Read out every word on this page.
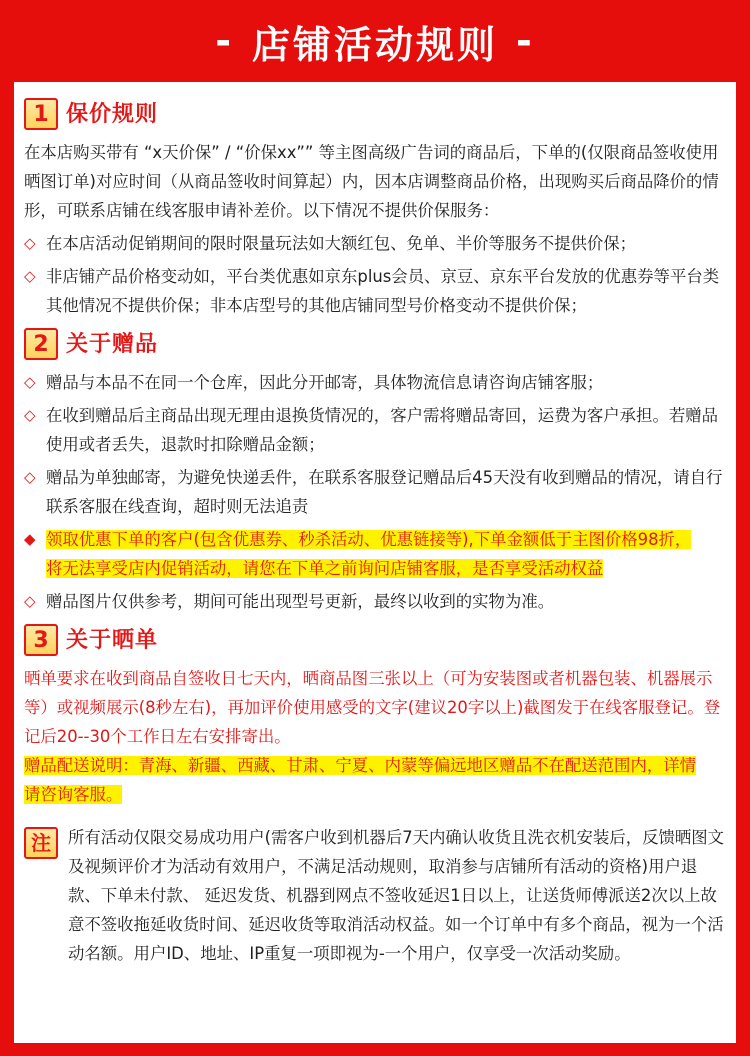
- 店铺活动规则 -
1 保价规则

在本店购买带有 “x天价保” / “价保xx”” 等主图高级广告词的商品后，下单的(仅限商品签收使用晒图订单)对应时间（从商品签收时间算起）内，因本店调整商品价格，出现购买后商品降价的情形，可联系店铺在线客服申请补差价。以下情况不提供价保服务：

◇ 在本店活动促销期间的限时限量玩法如大额红包、免单、半价等服务不提供价保；
◇ 非店铺产品价格变动如，平台类优惠如京东plus会员、京豆、京东平台发放的优惠券等平台类其他情况不提供价保；非本店型号的其他店铺同型号价格变动不提供价保；
2 关于赠品
◇ 赠品与本品不在同一个仓库，因此分开邮寄，具体物流信息请咨询店铺客服；
◇ 在收到赠品后主商品出现无理由退换货情况的，客户需将赠品寄回，运费为客户承担。若赠品使用或者丢失，退款时扣除赠品金额；
◇ 赠品为单独邮寄，为避免快递丢件，在联系客服登记赠品后45天没有收到赠品的情况，请自行联系客服在线查询，超时则无法追责
◆ 领取优惠下单的客户(包含优惠券、秒杀活动、优惠链接等),下单金额低于主图价格98折，
将无法享受店内促销活动，请您在下单之前询问店铺客服，是否享受活动权益
◇ 赠品图片仅供参考，期间可能出现型号更新，最终以收到的实物为准。
3 关于晒单

晒单要求在收到商品自签收日七天内，晒商品图三张以上（可为安装图或者机器包装、机器展示等）或视频展示(8秒左右)，再加评价使用感受的文字(建议20字以上)截图发于在线客服登记。登记后20--30个工作日左右安排寄出。

赠品配送说明：青海、新疆、西藏、甘肃、宁夏、内蒙等偏远地区赠品不在配送范围内，详情
请咨询客服。

注	所有活动仅限交易成功用户(需客户收到机器后7天内确认收货且洗衣机安装后，反馈晒图文及视频评价才为活动有效用户，不满足活动规则，取消参与店铺所有活动的资格)用户退款、下单未付款、 延迟发货、机器到网点不签收延迟1日以上，让送货师傅派送2次以上故意不签收拖延收货时间、延迟收货等取消活动权益。如一个订单中有多个商品，视为一个活动名额。用户ID、地址、IP重复一项即视为-一个用户，仅享受一次活动奖励。
